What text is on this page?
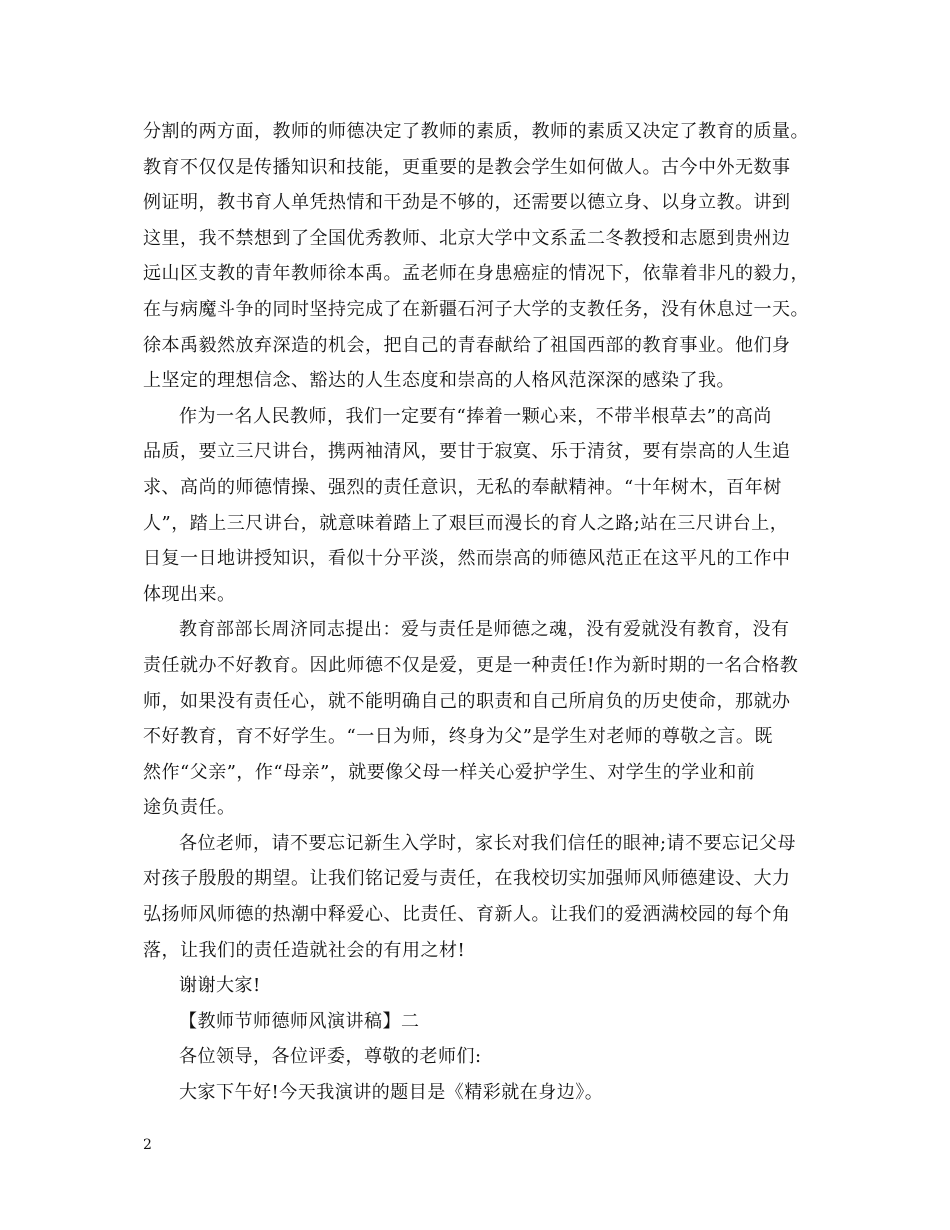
分割的两方面，教师的师德决定了教师的素质，教师的素质又决定了教育的质量。
教育不仅仅是传播知识和技能，更重要的是教会学生如何做人。古今中外无数事
例证明，教书育人单凭热情和干劲是不够的，还需要以德立身、以身立教。讲到
这里，我不禁想到了全国优秀教师、北京大学中文系孟二冬教授和志愿到贵州边
远山区支教的青年教师徐本禹。孟老师在身患癌症的情况下，依靠着非凡的毅力，
在与病魔斗争的同时坚持完成了在新疆石河子大学的支教任务，没有休息过一天。
徐本禹毅然放弃深造的机会，把自己的青春献给了祖国西部的教育事业。他们身
上坚定的理想信念、豁达的人生态度和崇高的人格风范深深的感染了我。

作为一名人民教师，我们一定要有“捧着一颗心来，不带半根草去”的高尚
品质，要立三尺讲台，携两袖清风，要甘于寂寞、乐于清贫，要有崇高的人生追
求、高尚的师德情操、强烈的责任意识，无私的奉献精神。“十年树木，百年树
人”，踏上三尺讲台，就意味着踏上了艰巨而漫长的育人之路;站在三尺讲台上，
日复一日地讲授知识，看似十分平淡，然而崇高的师德风范正在这平凡的工作中
体现出来。

教育部部长周济同志提出：爱与责任是师德之魂，没有爱就没有教育，没有
责任就办不好教育。因此师德不仅是爱，更是一种责任!作为新时期的一名合格教
师，如果没有责任心，就不能明确自己的职责和自己所肩负的历史使命，那就办
不好教育，育不好学生。“一日为师，终身为父”是学生对老师的尊敬之言。既
然作“父亲”，作“母亲”，就要像父母一样关心爱护学生、对学生的学业和前
途负责任。

各位老师，请不要忘记新生入学时，家长对我们信任的眼神;请不要忘记父母
对孩子殷殷的期望。让我们铭记爱与责任，在我校切实加强师风师德建设、大力
弘扬师风师德的热潮中释爱心、比责任、育新人。让我们的爱洒满校园的每个角
落，让我们的责任造就社会的有用之材!

谢谢大家!

【教师节师德师风演讲稿】二

各位领导，各位评委，尊敬的老师们:

大家下午好!今天我演讲的题目是《精彩就在身边》。

2
